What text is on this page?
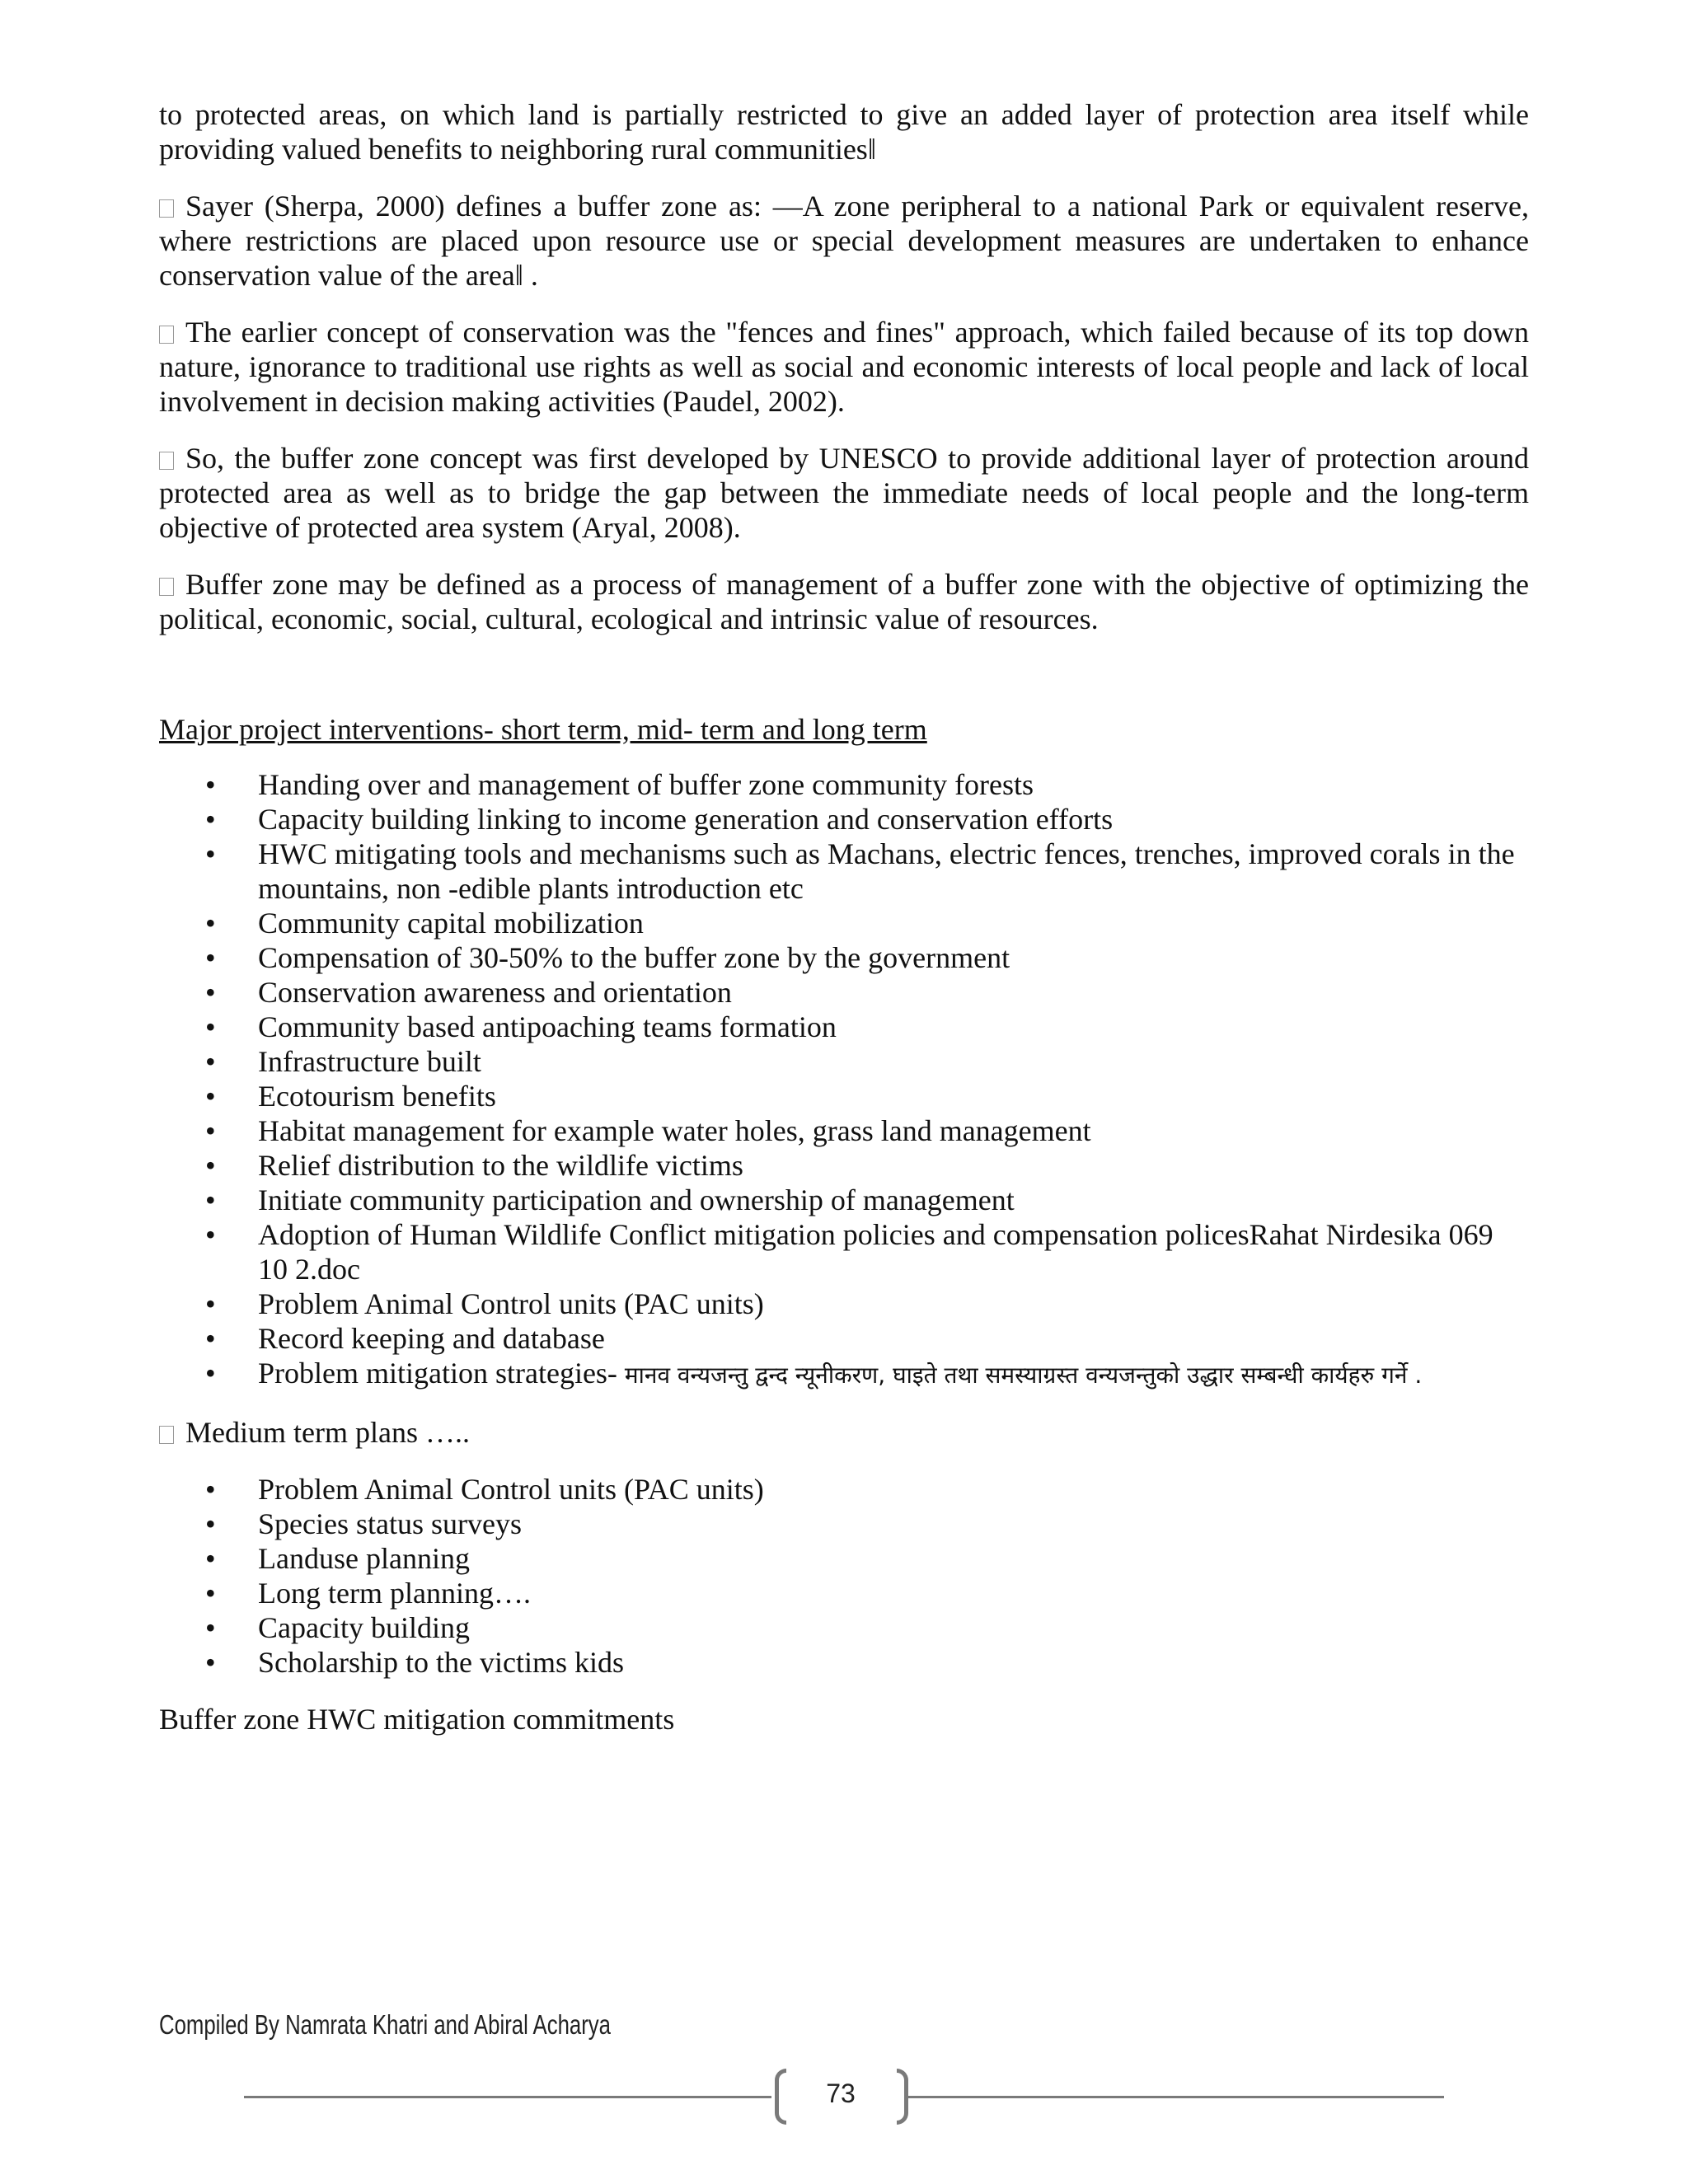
to protected areas, on which land is partially restricted to give an added layer of protection area itself while providing valued benefits to neighboring rural communities‖

Sayer (Sherpa, 2000) defines a buffer zone as: ―A zone peripheral to a national Park or equivalent reserve, where restrictions are placed upon resource use or special development measures are undertaken to enhance conservation value of the area‖ .

The earlier concept of conservation was the "fences and fines" approach, which failed because of its top down nature, ignorance to traditional use rights as well as social and economic interests of local people and lack of local involvement in decision making activities (Paudel, 2002).

So, the buffer zone concept was first developed by UNESCO to provide additional layer of protection around protected area as well as to bridge the gap between the immediate needs of local people and the long-term objective of protected area system (Aryal, 2008).

Buffer zone may be defined as a process of management of a buffer zone with the objective of optimizing the political, economic, social, cultural, ecological and intrinsic value of resources.

Major project interventions- short term, mid- term and long term
• Handing over and management of buffer zone community forests
• Capacity building linking to income generation and conservation efforts
• HWC mitigating tools and mechanisms such as Machans, electric fences, trenches, improved corals in the mountains, non -edible plants introduction etc
• Community capital mobilization
• Compensation of 30-50% to the buffer zone by the government
• Conservation awareness and orientation
• Community based antipoaching teams formation
• Infrastructure built
• Ecotourism benefits
• Habitat management for example water holes, grass land management
• Relief distribution to the wildlife victims
• Initiate community participation and ownership of management
• Adoption of Human Wildlife Conflict mitigation policies and compensation policesRahat Nirdesika 069 10 2.doc
• Problem Animal Control units (PAC units)
• Record keeping and database
• Problem mitigation strategies- मानव वन्यजन्तु द्वन्द न्यूनीकरण, घाइते तथा समस्याग्रस्त वन्यजन्तुको उद्धार सम्बन्धी कार्यहरु गर्ने .

Medium term plans …..

• Problem Animal Control units (PAC units)
• Species status surveys
• Landuse planning
• Long term planning….
• Capacity building
• Scholarship to the victims kids

Buffer zone HWC mitigation commitments

Compiled By Namrata Khatri and Abiral Acharya
73
